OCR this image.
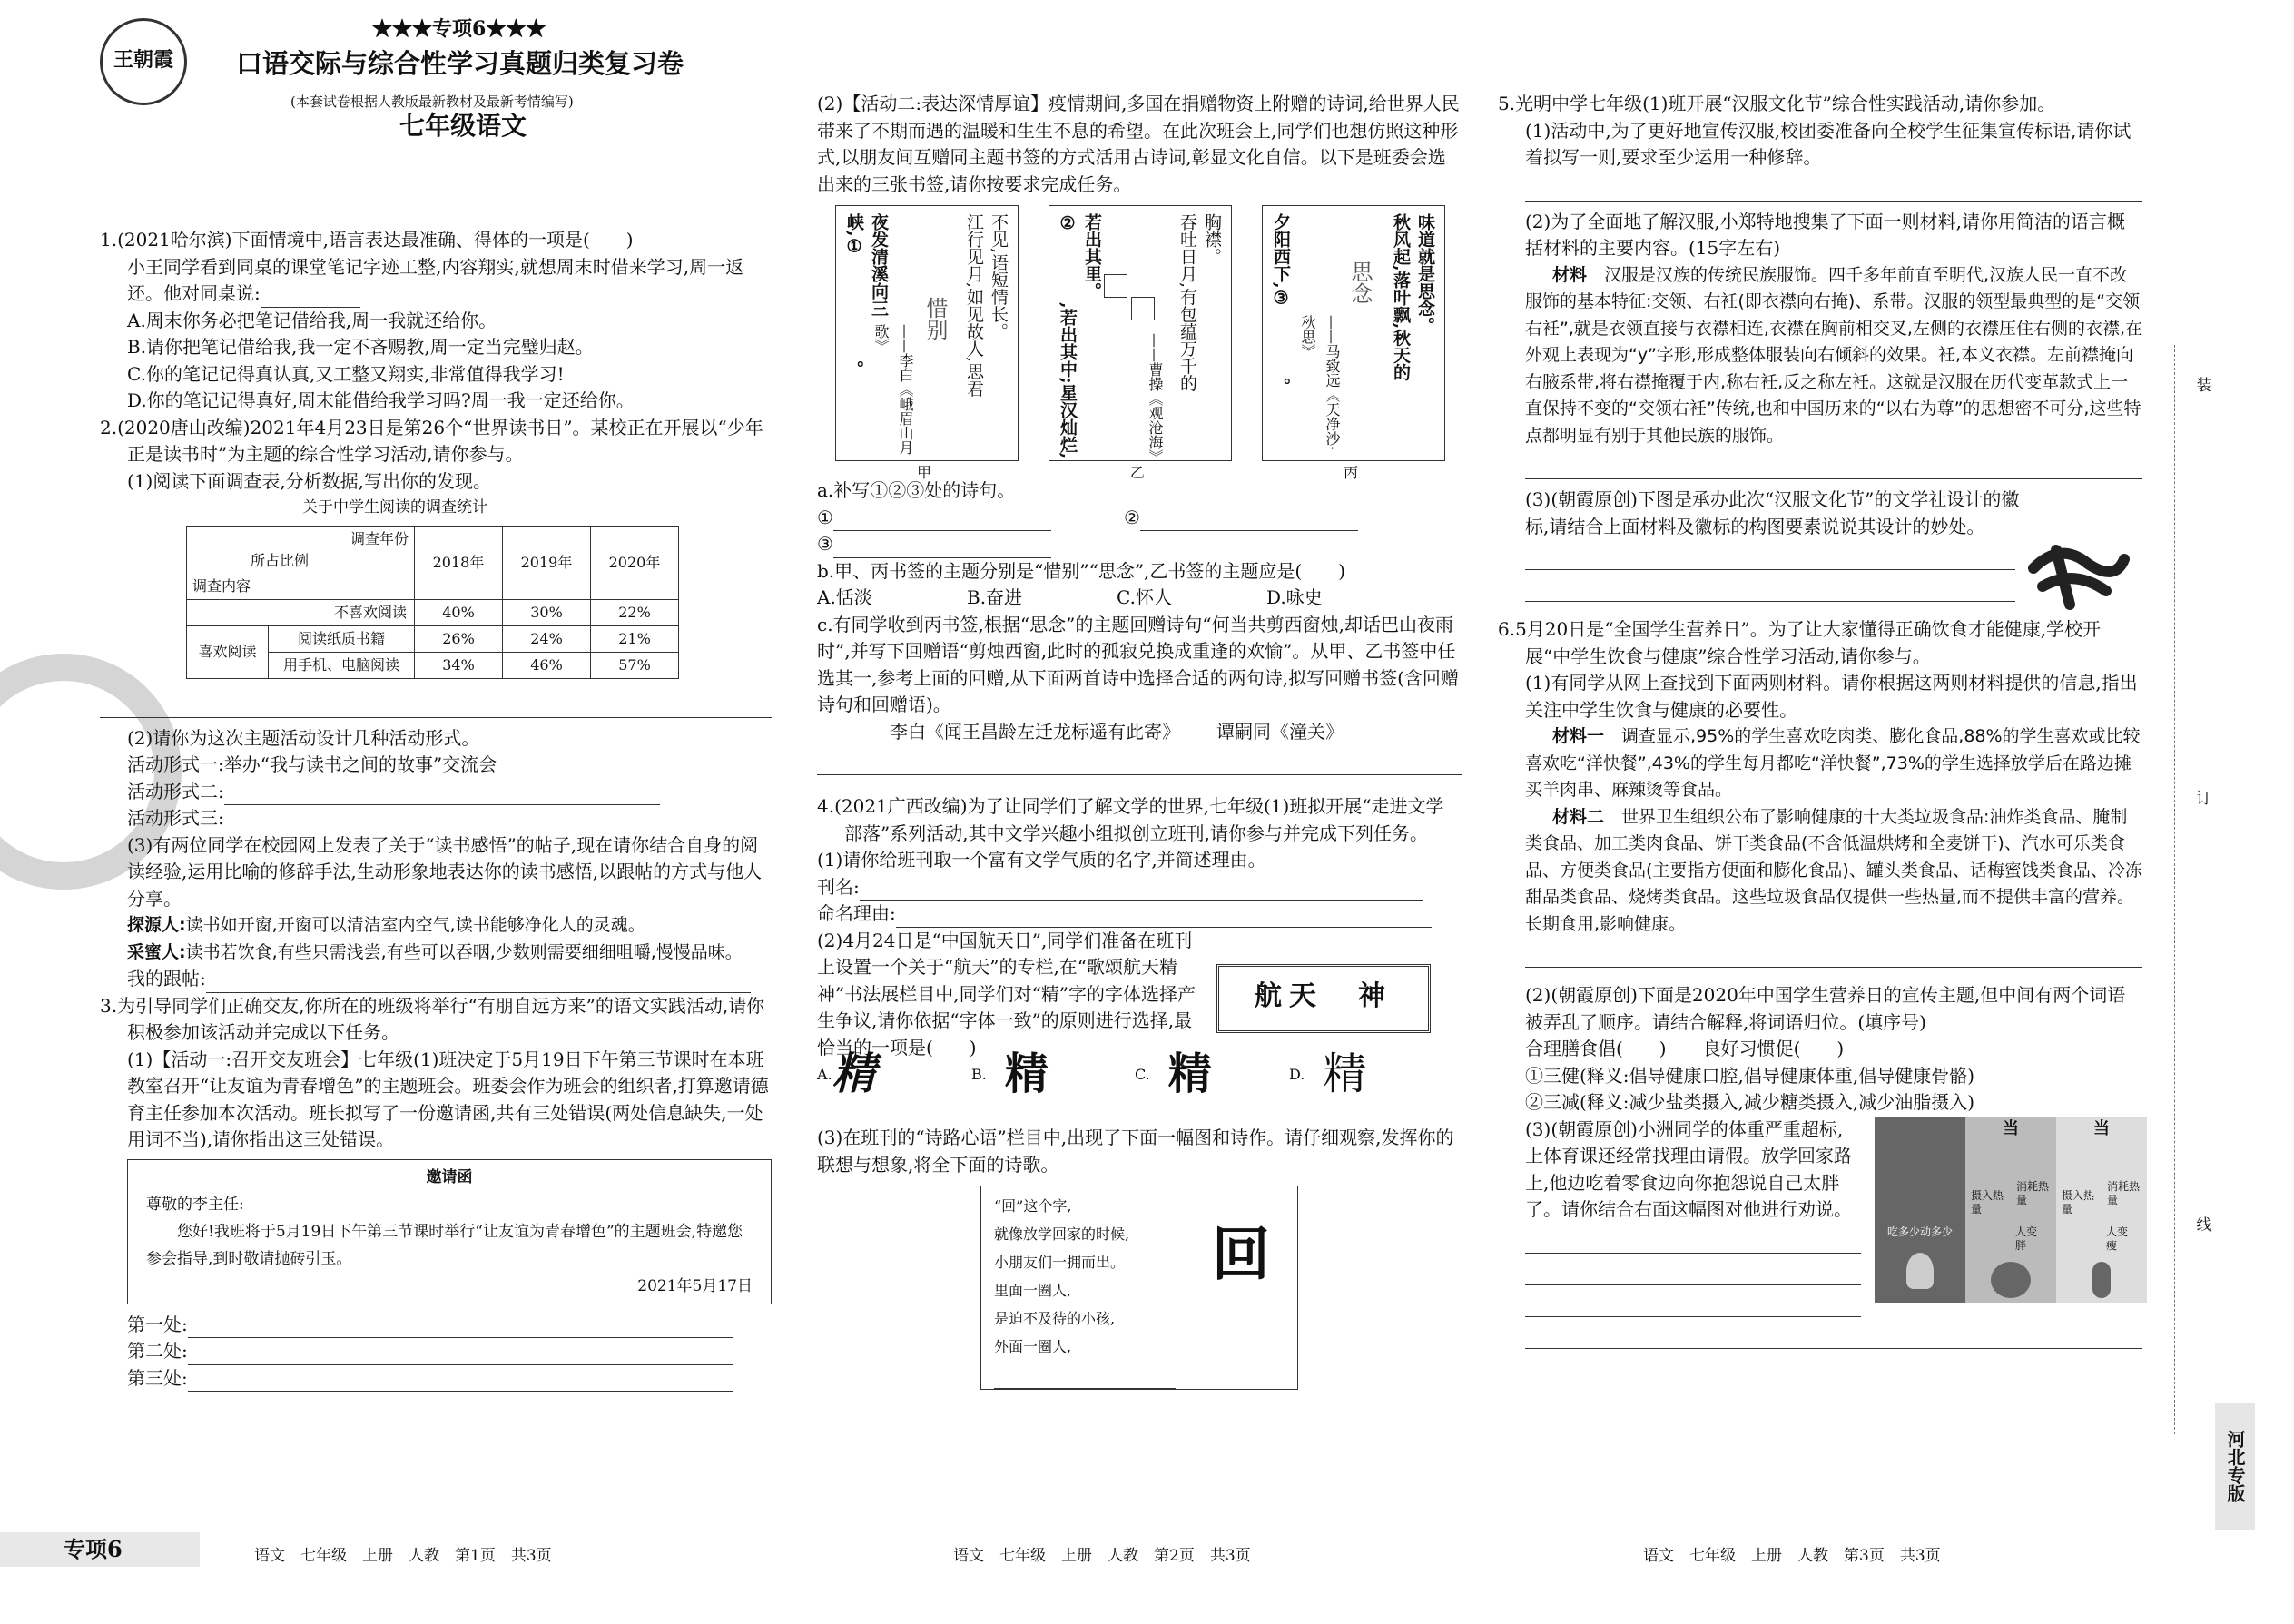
王朝霞
★★★专项6★★★
口语交际与综合性学习真题归类复习卷
(本套试卷根据人教版最新教材及最新考情编写)
七年级语文

1.(2021哈尔滨)下面情境中,语言表达最准确、得体的一项是(　　)

小王同学看到同桌的课堂笔记字迹工整,内容翔实,就想周末时借来学习,周一返还。他对同桌说:

A.周末你务必把笔记借给我,周一我就还给你。

B.请你把笔记借给我,我一定不吝赐教,周一定当完璧归赵。

C.你的笔记记得真认真,又工整又翔实,非常值得我学习!

D.你的笔记记得真好,周末能借给我学习吗?周一我一定还给你。

2.(2020唐山改编)2021年4月23日是第26个“世界读书日”。某校正在开展以“少年正是读书时”为主题的综合性学习活动,请你参与。

(1)阅读下面调查表,分析数据,写出你的发现。

关于中学生阅读的调查统计

调查年份
所占比例
调查内容		2018年	2019年	2020年
不喜欢阅读		40%	30%	22%
喜欢阅读	阅读纸质书籍	26%	24%	21%
	用手机、电脑阅读	34%	46%	57%

(2)请你为这次主题活动设计几种活动形式。

活动形式一:举办“我与读书之间的故事”交流会

活动形式二:

活动形式三:

(3)有两位同学在校园网上发表了关于“读书感悟”的帖子,现在请你结合自身的阅读经验,运用比喻的修辞手法,生动形象地表达你的读书感悟,以跟帖的方式与他人分享。

探源人:读书如开窗,开窗可以清洁室内空气,读书能够净化人的灵魂。

采蜜人:读书若饮食,有些只需浅尝,有些可以吞咽,少数则需要细细咀嚼,慢慢品味。

我的跟帖:

3.为引导同学们正确交友,你所在的班级将举行“有朋自远方来”的语文实践活动,请你积极参加该活动并完成以下任务。

(1)【活动一:召开交友班会】七年级(1)班决定于5月19日下午第三节课时在本班教室召开“让友谊为青春增色”的主题班会。班委会作为班会的组织者,打算邀请德育主任参加本次活动。班长拟写了一份邀请函,共有三处错误(两处信息缺失,一处用词不当),请你指出这三处错误。

邀请函

尊敬的李主任:

您好!我班将于5月19日下午第三节课时举行“让友谊为青春增色”的主题班会,特邀您参会指导,到时敬请抛砖引玉。

2021年5月17日

第一处:

第二处:

第三处:

(2)【活动二:表达深情厚谊】疫情期间,多国在捐赠物资上附赠的诗词,给世界人民带来了不期而遇的温暖和生生不息的希望。在此次班会上,同学们也想仿照这种形式,以朋友间互赠同主题书签的方式活用古诗词,彰显文化自信。以下是班委会选出来的三张书签,请你按要求完成任务。

不见,语短情长。
江行见月,如见故人,思君
惜别
——李白《峨眉山月歌》
夜发清溪向三峡,①　　　　　　。	胸襟。
吞吐日月,有包蕴万千的
——曹操《观沧海》
若出其里。
②　　　　,若出其中;星汉灿烂,	味道就是思念。
秋风起,落叶飘,秋天的
思念
——马致远《天净沙·秋思》
夕阳西下,③　　　　。
甲	乙	丙

a.补写①②③处的诗句。

①	②

③

b.甲、丙书签的主题分别是“惜别”“思念”,乙书签的主题应是(　　)

A.恬淡	B.奋进	C.怀人	D.咏史

c.有同学收到丙书签,根据“思念”的主题回赠诗句“何当共剪西窗烛,却话巴山夜雨时”,并写下回赠语“剪烛西窗,此时的孤寂兑换成重逢的欢愉”。从甲、乙书签中任选其一,参考上面的回赠,从下面两首诗中选择合适的两句诗,拟写回赠书签(含回赠诗句和回赠语)。

李白《闻王昌龄左迁龙标遥有此寄》 谭嗣同《潼关》

4.(2021广西改编)为了让同学们了解文学的世界,七年级(1)班拟开展“走进文学部落”系列活动,其中文学兴趣小组拟创立班刊,请你参与并完成下列任务。

(1)请你给班刊取一个富有文学气质的名字,并简述理由。

刊名:

命名理由:

(2)4月24日是“中国航天日”,同学们准备在班刊上设置一个关于“航天”的专栏,在“歌颂航天精神”书法展栏目中,同学们对“精”字的字体选择产生争议,请你依据“字体一致”的原则进行选择,最恰当的一项是(　　)

航天　神
$^{A.}$精	$^{B.}$ 精	$^{C.}$ 精	$^{D.}$ 精

(3)在班刊的“诗路心语”栏目中,出现了下面一幅图和诗作。请仔细观察,发挥你的联想与想象,将全下面的诗歌。

“回”这个字,

就像放学回家的时候,

小朋友们一拥而出。

里面一圈人,

是迫不及待的小孩,

外面一圈人,

回

5.光明中学七年级(1)班开展“汉服文化节”综合性实践活动,请你参加。

(1)活动中,为了更好地宣传汉服,校团委准备向全校学生征集宣传标语,请你试着拟写一则,要求至少运用一种修辞。

(2)为了全面地了解汉服,小郑特地搜集了下面一则材料,请你用简洁的语言概括材料的主要内容。(15字左右)

材料　汉服是汉族的传统民族服饰。四千多年前直至明代,汉族人民一直不改服饰的基本特征:交领、右衽(即衣襟向右掩)、系带。汉服的领型最典型的是“交领右衽”,就是衣领直接与衣襟相连,衣襟在胸前相交叉,左侧的衣襟压住右侧的衣襟,在外观上表现为“y”字形,形成整体服装向右倾斜的效果。衽,本义衣襟。左前襟掩向右腋系带,将右襟掩覆于内,称右衽,反之称左衽。这就是汉服在历代变革款式上一直保持不变的“交领右衽”传统,也和中国历来的“以右为尊”的思想密不可分,这些特点都明显有别于其他民族的服饰。

(3)(朝霞原创)下图是承办此次“汉服文化节”的文学社设计的徽标,请结合上面材料及徽标的构图要素说说其设计的妙处。

6.5月20日是“全国学生营养日”。为了让大家懂得正确饮食才能健康,学校开展“中学生饮食与健康”综合性学习活动,请你参与。

(1)有同学从网上查找到下面两则材料。请你根据这两则材料提供的信息,指出关注中学生饮食与健康的必要性。

材料一　调查显示,95%的学生喜欢吃肉类、膨化食品,88%的学生喜欢或比较喜欢吃“洋快餐”,43%的学生每月都吃“洋快餐”,73%的学生选择放学后在路边摊买羊肉串、麻辣烫等食品。

材料二　世界卫生组织公布了影响健康的十大类垃圾食品:油炸类食品、腌制类食品、加工类肉食品、饼干类食品(不含低温烘烤和全麦饼干)、汽水可乐类食品、方便类食品(主要指方便面和膨化食品)、罐头类食品、话梅蜜饯类食品、冷冻甜品类食品、烧烤类食品。这些垃圾食品仅提供一些热量,而不提供丰富的营养。长期食用,影响健康。

(2)(朝霞原创)下面是2020年中国学生营养日的宣传主题,但中间有两个词语被弄乱了顺序。请结合解释,将词语归位。(填序号)

合理膳食倡(　　) 良好习惯促(　　)

①三健(释义:倡导健康口腔,倡导健康体重,倡导健康骨骼)

②三减(释义:减少盐类摄入,减少糖类摄入,减少油脂摄入)

(3)(朝霞原创)小洲同学的体重严重超标,上体育课还经常找理由请假。放学回家路上,他边吃着零食边向你抱怨说自己太胖了。请你结合右面这幅图对他进行劝说。

吃多少动多少
当
摄入热量
消耗热量
人变胖
当
摄入热量
消耗热量
人变瘦
装
订
线
河北专版
专项6	语文　七年级　上册　人教　第1页　共3页	语文　七年级　上册　人教　第2页　共3页	语文　七年级　上册　人教　第3页　共3页
